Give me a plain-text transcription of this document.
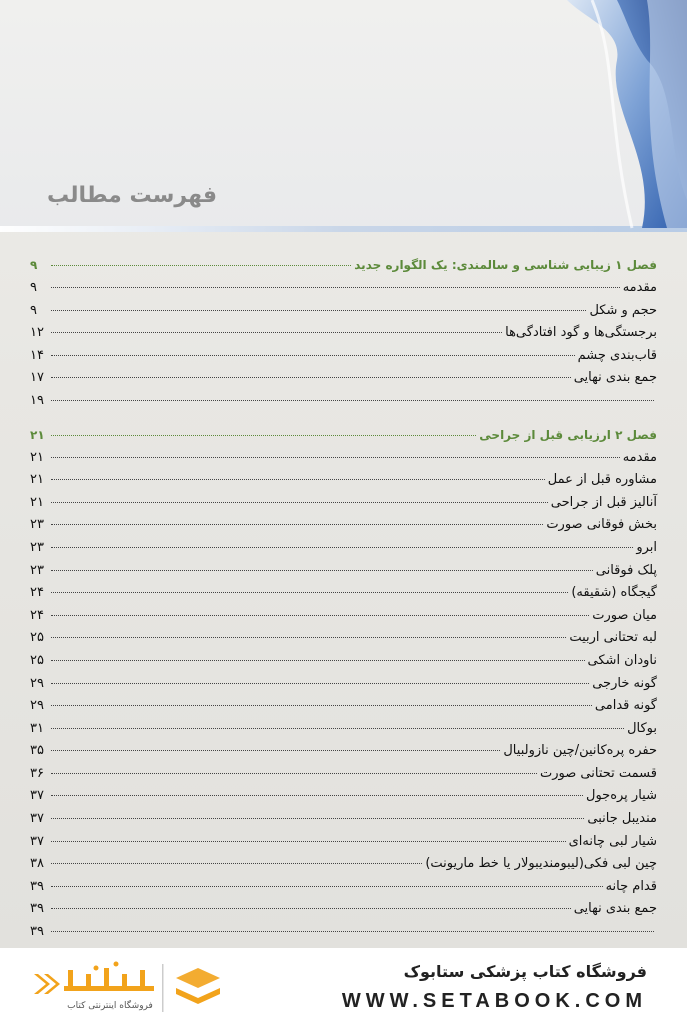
فهرست مطالب
فصل ۱ زیبایی شناسی و سالمندی: یک الگواره جدید
۹
مقدمه
۹
حجم و شکل
۹
برجستگی‌ها و گود افتادگی‌ها
۱۲
قاب‌بندی چشم
۱۴
جمع بندی نهایی
۱۷
۱۹
فصل ۲ ارزیابی قبل از جراحی
۲۱
مقدمه
۲۱
مشاوره قبل از عمل
۲۱
آنالیز قبل از جراحی
۲۱
بخش فوقانی صورت
۲۳
ابرو
۲۳
پلک فوقانی
۲۳
گیجگاه (شقیقه)
۲۴
میان صورت
۲۴
لبه تحتانی اربیت
۲۵
ناودان اشکی
۲۵
گونه خارجی
۲۹
گونه قدامی
۲۹
بوکال
۳۱
حفره پره‌کانین/چین نازولبیال
۳۵
قسمت تحتانی صورت
۳۶
شیار پره‌جول
۳۷
مندیبل جانبی
۳۷
شیار لبی چانه‌ای
۳۷
چین لبی فکی(لیبومندیبولار یا خط ماریونت)
۳۸
قدام چانه
۳۹
جمع بندی نهایی
۳۹
۳۹
فروشگاه اینترنتی کتاب
فروشگاه کتاب پزشکی ستابوک
WWW.SETABOOK.COM
